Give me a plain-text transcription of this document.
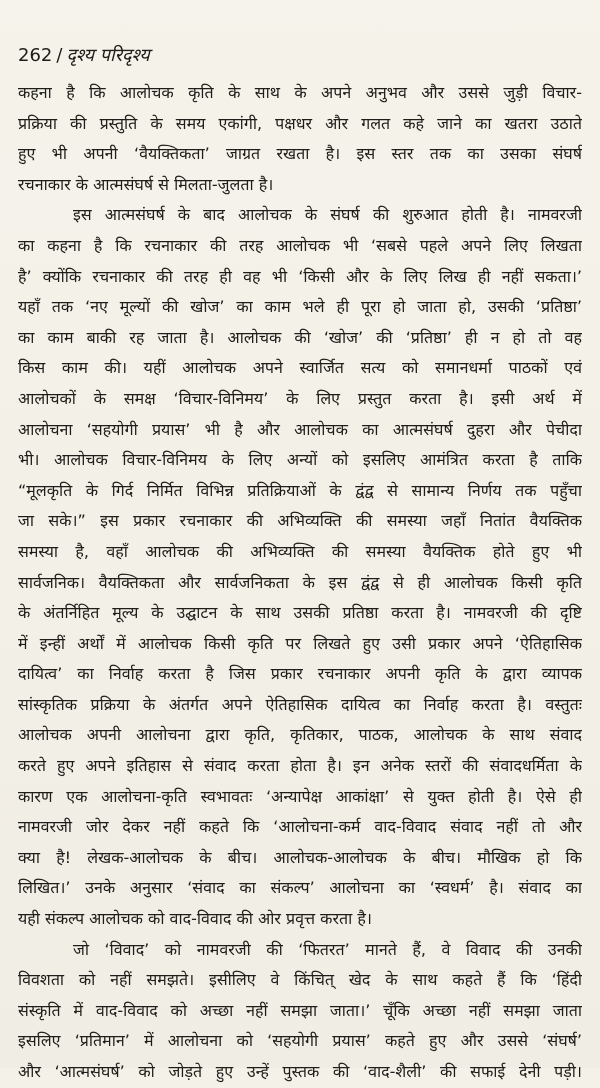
262 / दृश्य परिदृश्य
कहना है कि आलोचक कृति के साथ के अपने अनुभव और उससे जुड़ी विचार-
प्रक्रिया की प्रस्तुति के समय एकांगी, पक्षधर और गलत कहे जाने का खतरा उठाते
हुए भी अपनी ‘वैयक्तिकता’ जाग्रत रखता है। इस स्तर तक का उसका संघर्ष
रचनाकार के आत्मसंघर्ष से मिलता-जुलता है।
इस आत्मसंघर्ष के बाद आलोचक के संघर्ष की शुरुआत होती है। नामवरजी
का कहना है कि रचनाकार की तरह आलोचक भी ‘सबसे पहले अपने लिए लिखता
है’ क्योंकि रचनाकार की तरह ही वह भी ‘किसी और के लिए लिख ही नहीं सकता।’
यहाँ तक ‘नए मूल्यों की खोज’ का काम भले ही पूरा हो जाता हो, उसकी ‘प्रतिष्ठा’
का काम बाकी रह जाता है। आलोचक की ‘खोज’ की ‘प्रतिष्ठा’ ही न हो तो वह
किस काम की। यहीं आलोचक अपने स्वार्जित सत्य को समानधर्मा पाठकों एवं
आलोचकों के समक्ष ‘विचार-विनिमय’ के लिए प्रस्तुत करता है। इसी अर्थ में
आलोचना ‘सहयोगी प्रयास’ भी है और आलोचक का आत्मसंघर्ष दुहरा और पेचीदा
भी। आलोचक विचार-विनिमय के लिए अन्यों को इसलिए आमंत्रित करता है ताकि
“मूलकृति के गिर्द निर्मित विभिन्न प्रतिक्रियाओं के द्वंद्व से सामान्य निर्णय तक पहुँचा
जा सके।” इस प्रकार रचनाकार की अभिव्यक्ति की समस्या जहाँ नितांत वैयक्तिक
समस्या है, वहाँ आलोचक की अभिव्यक्ति की समस्या वैयक्तिक होते हुए भी
सार्वजनिक। वैयक्तिकता और सार्वजनिकता के इस द्वंद्व से ही आलोचक किसी कृति
के अंतर्निहित मूल्य के उद्घाटन के साथ उसकी प्रतिष्ठा करता है। नामवरजी की दृष्टि
में इन्हीं अर्थों में आलोचक किसी कृति पर लिखते हुए उसी प्रकार अपने ‘ऐतिहासिक
दायित्व’ का निर्वाह करता है जिस प्रकार रचनाकार अपनी कृति के द्वारा व्यापक
सांस्कृतिक प्रक्रिया के अंतर्गत अपने ऐतिहासिक दायित्व का निर्वाह करता है। वस्तुतः
आलोचक अपनी आलोचना द्वारा कृति, कृतिकार, पाठक, आलोचक के साथ संवाद
करते हुए अपने इतिहास से संवाद करता होता है। इन अनेक स्तरों की संवादधर्मिता के
कारण एक आलोचना-कृति स्वभावतः ‘अन्यापेक्ष आकांक्षा’ से युक्त होती है। ऐसे ही
नामवरजी जोर देकर नहीं कहते कि ‘आलोचना-कर्म वाद-विवाद संवाद नहीं तो और
क्या है! लेखक-आलोचक के बीच। आलोचक-आलोचक के बीच। मौखिक हो कि
लिखित।’ उनके अनुसार ‘संवाद का संकल्प’ आलोचना का ‘स्वधर्म’ है। संवाद का
यही संकल्प आलोचक को वाद-विवाद की ओर प्रवृत्त करता है।
जो ‘विवाद’ को नामवरजी की ‘फितरत’ मानते हैं, वे विवाद की उनकी
विवशता को नहीं समझते। इसीलिए वे किंचित् खेद के साथ कहते हैं कि ‘हिंदी
संस्कृति में वाद-विवाद को अच्छा नहीं समझा जाता।’ चूँकि अच्छा नहीं समझा जाता
इसलिए ‘प्रतिमान’ में आलोचना को ‘सहयोगी प्रयास’ कहते हुए और उससे ‘संघर्ष’
और ‘आत्मसंघर्ष’ को जोड़ते हुए उन्हें पुस्तक की ‘वाद-शैली’ की सफाई देनी पड़ी।
